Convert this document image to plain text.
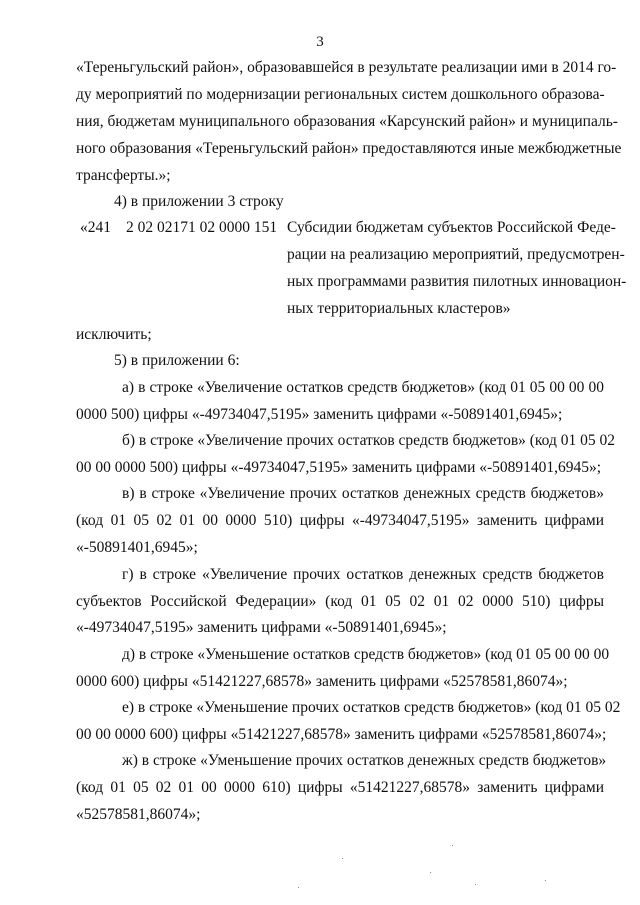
3
«Тереньгульский район», образовавшейся в результате реализации ими в 2014 го-
ду мероприятий по модернизации региональных систем дошкольного образова-
ния, бюджетам муниципального образования «Карсунский район» и муниципаль-
ного образования «Тереньгульский район» предоставляются иные межбюджетные
трансферты.»;
4) в приложении 3 строку
«241 2 02 02171 02 0000 151 Субсидии бюджетам субъектов Российской Феде-
рации на реализацию мероприятий, предусмотрен-
ных программами развития пилотных инновацион-
ных территориальных кластеров»
исключить;
5) в приложении 6:
а) в строке «Увеличение остатков средств бюджетов» (код 01 05 00 00 00
0000 500) цифры «-49734047,5195» заменить цифрами «-50891401,6945»;
б) в строке «Увеличение прочих остатков средств бюджетов» (код 01 05 02
00 00 0000 500) цифры «-49734047,5195» заменить цифрами «-50891401,6945»;
в) в строке «Увеличение прочих остатков денежных средств бюджетов»
(код 01 05 02 01 00 0000 510) цифры «-49734047,5195» заменить цифрами
«-50891401,6945»;
г) в строке «Увеличение прочих остатков денежных средств бюджетов
субъектов Российской Федерации» (код 01 05 02 01 02 0000 510) цифры
«-49734047,5195» заменить цифрами «-50891401,6945»;
д) в строке «Уменьшение остатков средств бюджетов» (код 01 05 00 00 00
0000 600) цифры «51421227,68578» заменить цифрами «52578581,86074»;
е) в строке «Уменьшение прочих остатков средств бюджетов» (код 01 05 02
00 00 0000 600) цифры «51421227,68578» заменить цифрами «52578581,86074»;
ж) в строке «Уменьшение прочих остатков денежных средств бюджетов»
(код 01 05 02 01 00 0000 610) цифры «51421227,68578» заменить цифрами
«52578581,86074»;
